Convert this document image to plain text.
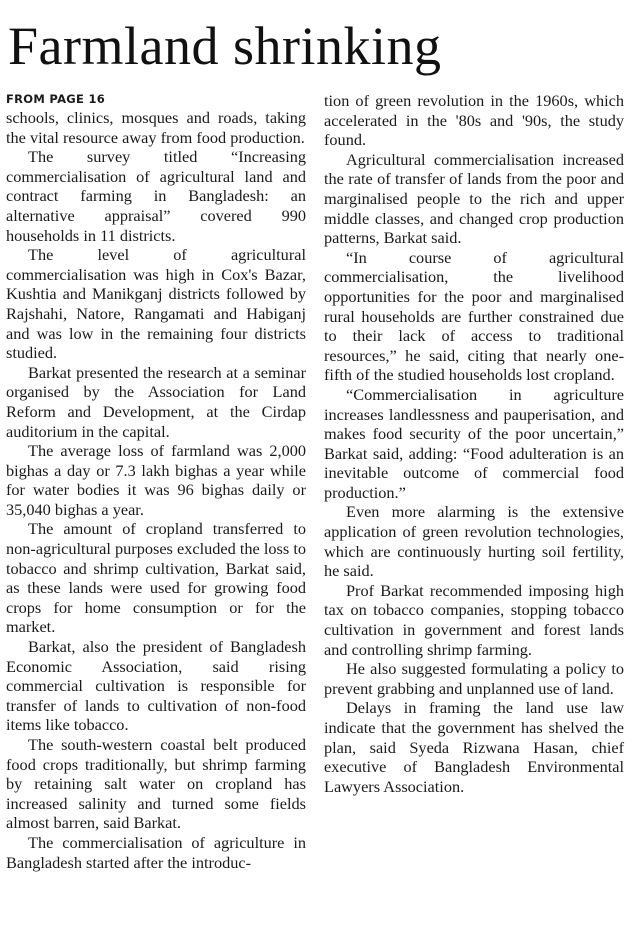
Farmland shrinking
FROM PAGE 16

schools, clinics, mosques and roads, taking the vital resource away from food production.

The survey titled “Increasing commercialisation of agricultural land and contract farming in Bangladesh: an alternative appraisal” covered 990 households in 11 districts.

The level of agricultural commercialisation was high in Cox's Bazar, Kushtia and Manikganj districts followed by Rajshahi, Natore, Rangamati and Habiganj and was low in the remaining four districts studied.

Barkat presented the research at a seminar organised by the Association for Land Reform and Development, at the Cirdap auditorium in the capital.

The average loss of farmland was 2,000 bighas a day or 7.3 lakh bighas a year while for water bodies it was 96 bighas daily or 35,040 bighas a year.

The amount of cropland transferred to non-agricultural purposes excluded the loss to tobacco and shrimp cultivation, Barkat said, as these lands were used for growing food crops for home consumption or for the market.

Barkat, also the president of Bangladesh Economic Association, said rising commercial cultivation is responsible for transfer of lands to cultivation of non-food items like tobacco.

The south-western coastal belt produced food crops traditionally, but shrimp farming by retaining salt water on cropland has increased salinity and turned some fields almost barren, said Barkat.

The commercialisation of agriculture in Bangladesh started after the introduc-

tion of green revolution in the 1960s, which accelerated in the '80s and '90s, the study found.

Agricultural commercialisation increased the rate of transfer of lands from the poor and marginalised people to the rich and upper middle classes, and changed crop production patterns, Barkat said.

“In course of agricultural commercialisation, the livelihood opportunities for the poor and marginalised rural households are further constrained due to their lack of access to traditional resources,” he said, citing that nearly one-fifth of the studied households lost cropland.

“Commercialisation in agriculture increases landlessness and pauperisation, and makes food security of the poor uncertain,” Barkat said, adding: “Food adulteration is an inevitable outcome of commercial food production.”

Even more alarming is the extensive application of green revolution technologies, which are continuously hurting soil fertility, he said.

Prof Barkat recommended imposing high tax on tobacco companies, stopping tobacco cultivation in government and forest lands and controlling shrimp farming.

He also suggested formulating a policy to prevent grabbing and unplanned use of land.

Delays in framing the land use law indicate that the government has shelved the plan, said Syeda Rizwana Hasan, chief executive of Bangladesh Environmental Lawyers Association.
